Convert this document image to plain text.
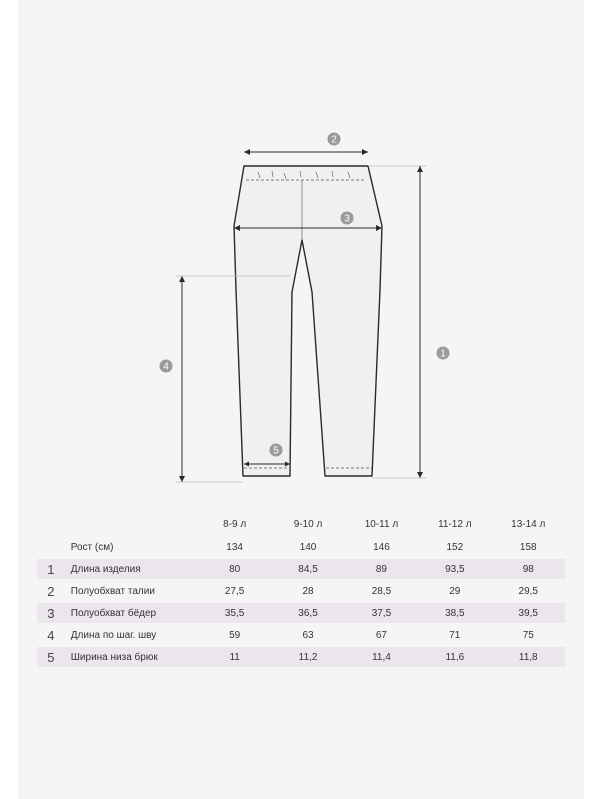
1
2
3
4
5
		8-9 л	9-10 л	10-11 л	11-12 л	13-14 л
	Рост (см)	134	140	146	152	158
1	Длина изделия	80	84,5	89	93,5	98
2	Полуобхват талии	27,5	28	28,5	29	29,5
3	Полуобхват бёдер	35,5	36,5	37,5	38,5	39,5
4	Длина по шаг. шву	59	63	67	71	75
5	Ширина низа брюк	11	11,2	11,4	11,6	11,8
